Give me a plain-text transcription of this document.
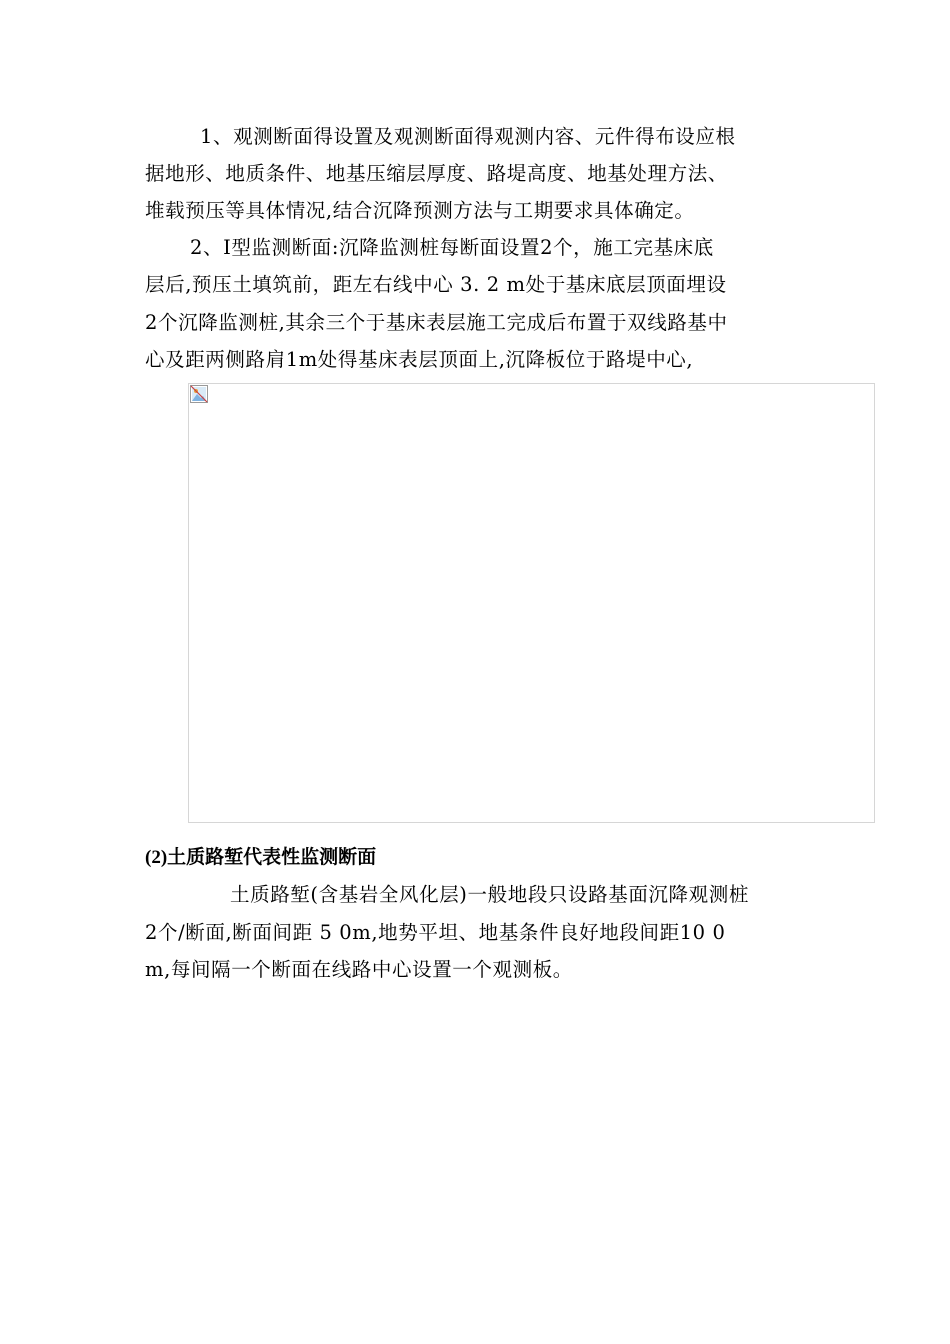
1、观测断面得设置及观测断面得观测内容、元件得布设应根
据地形、地质条件、地基压缩层厚度、路堤高度、地基处理方法、
堆载预压等具体情况,结合沉降预测方法与工期要求具体确定。
2、Ⅰ型监测断面:沉降监测桩每断面设置2个，施工完基床底
层后,预压土填筑前，距左右线中心 3. 2 m处于基床底层顶面埋设
2个沉降监测桩,其余三个于基床表层施工完成后布置于双线路基中
心及距两侧路肩1m处得基床表层顶面上,沉降板位于路堤中心,
(2)土质路堑代表性监测断面
土质路堑(含基岩全风化层)一般地段只设路基面沉降观测桩
2个/断面,断面间距 5 0m,地势平坦、地基条件良好地段间距10 0
m,每间隔一个断面在线路中心设置一个观测板。
